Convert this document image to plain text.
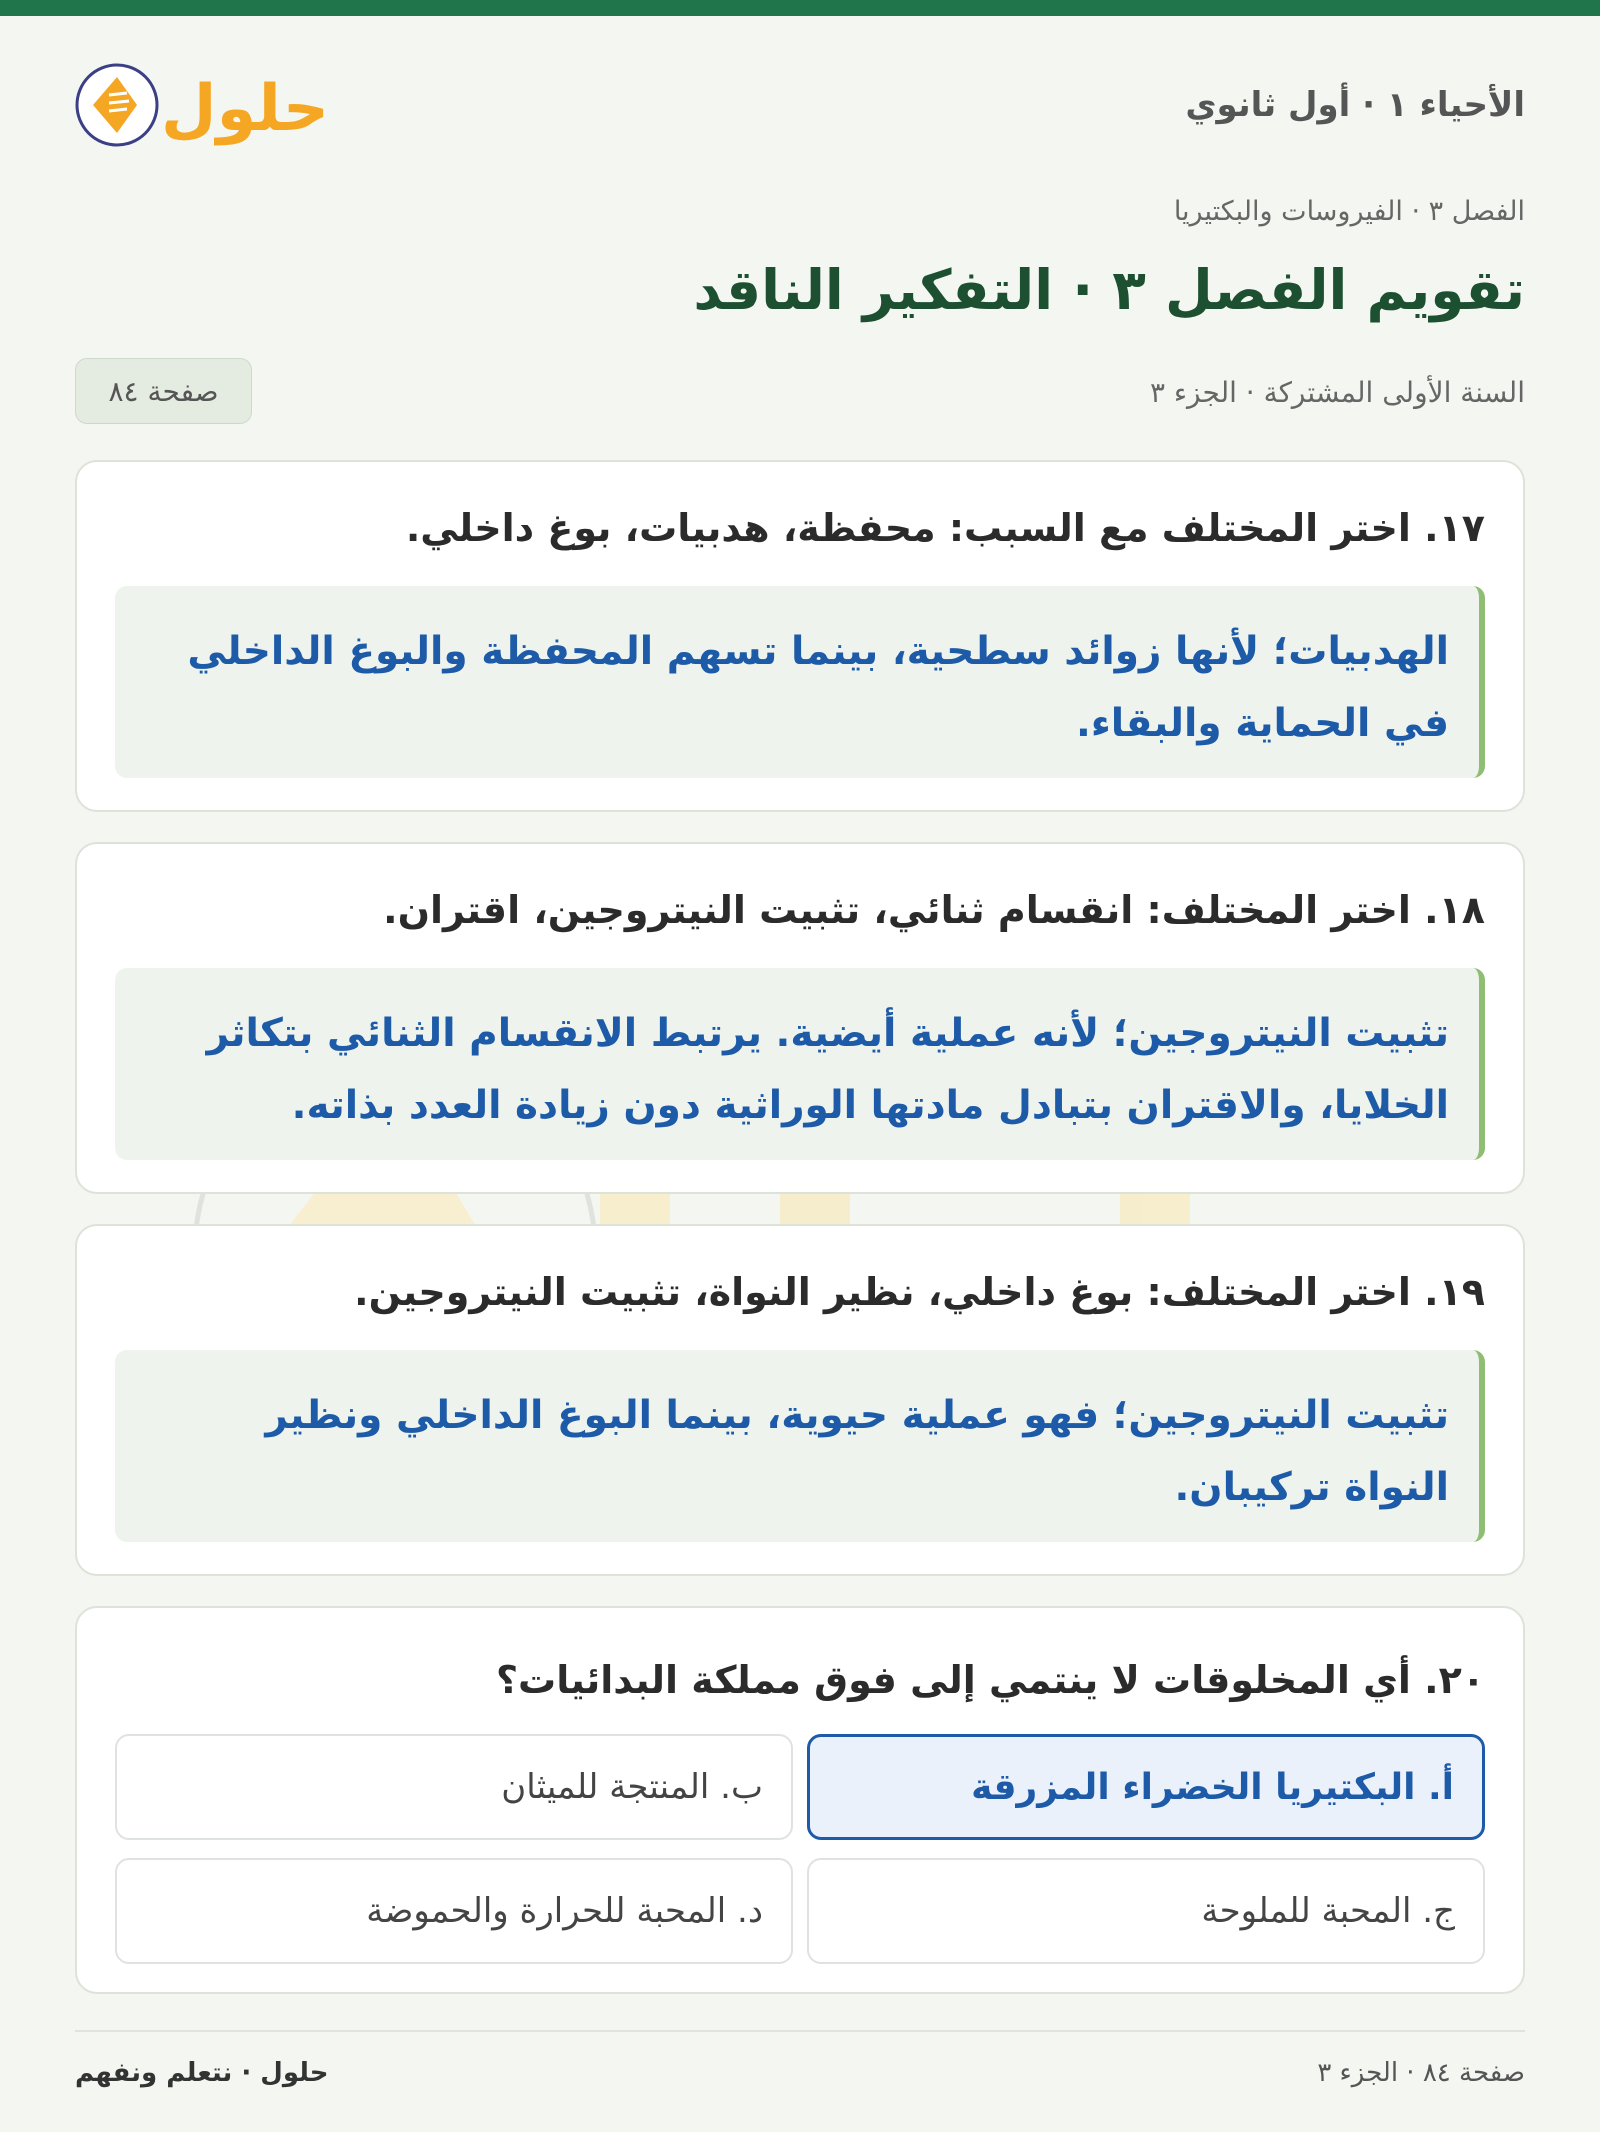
الأحياء ١ · أول ثانوي
حلول
الفصل ٣ · الفيروسات والبكتيريا
تقويم الفصل ٣ · التفكير الناقد
السنة الأولى المشتركة · الجزء ٣
صفحة ٨٤
١٧. اختر المختلف مع السبب: محفظة، هدبيات، بوغ داخلي.
الهدبيات؛ لأنها زوائد سطحية، بينما تسهم المحفظة والبوغ الداخلي في الحماية والبقاء.
١٨. اختر المختلف: انقسام ثنائي، تثبيت النيتروجين، اقتران.
تثبيت النيتروجين؛ لأنه عملية أيضية. يرتبط الانقسام الثنائي بتكاثر الخلايا، والاقتران بتبادل مادتها الوراثية دون زيادة العدد بذاته.
١٩. اختر المختلف: بوغ داخلي، نظير النواة، تثبيت النيتروجين.
تثبيت النيتروجين؛ فهو عملية حيوية، بينما البوغ الداخلي ونظير النواة تركيبان.
٢٠. أي المخلوقات لا ينتمي إلى فوق مملكة البدائيات؟
أ. البكتيريا الخضراء المزرقة
ب. المنتجة للميثان
ج. المحبة للملوحة
د. المحبة للحرارة والحموضة
صفحة ٨٤ · الجزء ٣
حلول · نتعلم ونفهم
